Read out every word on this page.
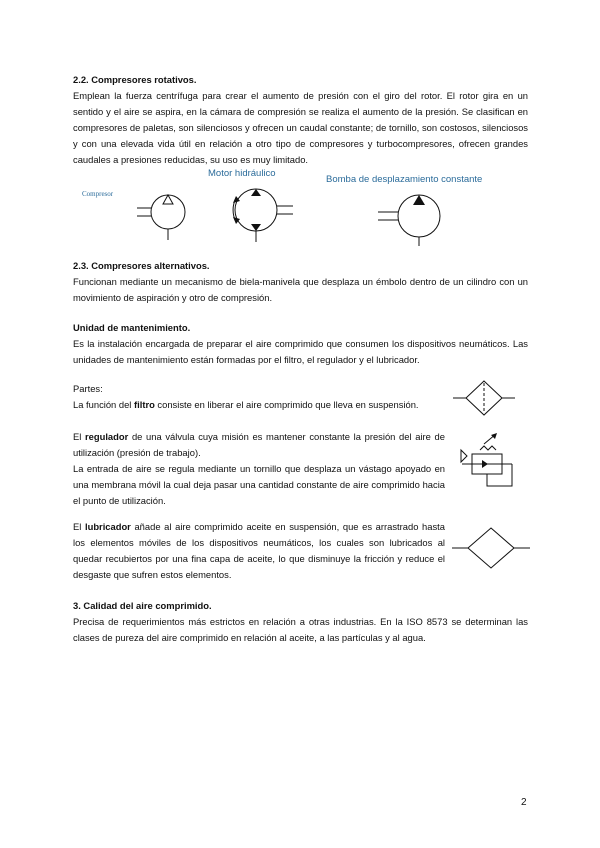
2.2. Compresores rotativos.
Emplean la fuerza centrífuga para crear el aumento de presión con el giro del rotor. El rotor gira en un sentido y el aire se aspira, en la cámara de compresión se realiza el aumento de la presión. Se clasifican en compresores de paletas, son silenciosos y ofrecen un caudal constante; de tornillo, son costosos, silenciosos y con una elevada vida útil en relación a otro tipo de compresores y turbocompresores, ofrecen grandes caudales a presiones reducidas, su uso es muy limitado.
Compresor
Motor hidráulico
Bomba de desplazamiento constante
2.3. Compresores alternativos.
Funcionan mediante un mecanismo de biela-manivela que desplaza un émbolo dentro de un cilindro con un movimiento de aspiración y otro de compresión.
Unidad de mantenimiento.
Es la instalación encargada de preparar el aire comprimido que consumen los dispositivos neumáticos. Las unidades de mantenimiento están formadas por el filtro, el regulador y el lubricador.
Partes:
La función del filtro consiste en liberar el aire comprimido que lleva en suspensión.
El regulador de una válvula cuya misión es mantener constante la presión del aire de utilización (presión de trabajo).
La entrada de aire se regula mediante un tornillo que desplaza un vástago apoyado en una membrana móvil la cual deja pasar una cantidad constante de aire comprimido hacia el punto de utilización.
El lubricador añade al aire comprimido aceite en suspensión, que es arrastrado hasta los elementos móviles de los dispositivos neumáticos, los cuales son lubricados al quedar recubiertos por una fina capa de aceite, lo que disminuye la fricción y reduce el desgaste que sufren estos elementos.
3. Calidad del aire comprimido.
Precisa de requerimientos más estrictos en relación a otras industrias. En la ISO 8573 se determinan las clases de pureza del aire comprimido en relación al aceite, a las partículas y al agua.
2
